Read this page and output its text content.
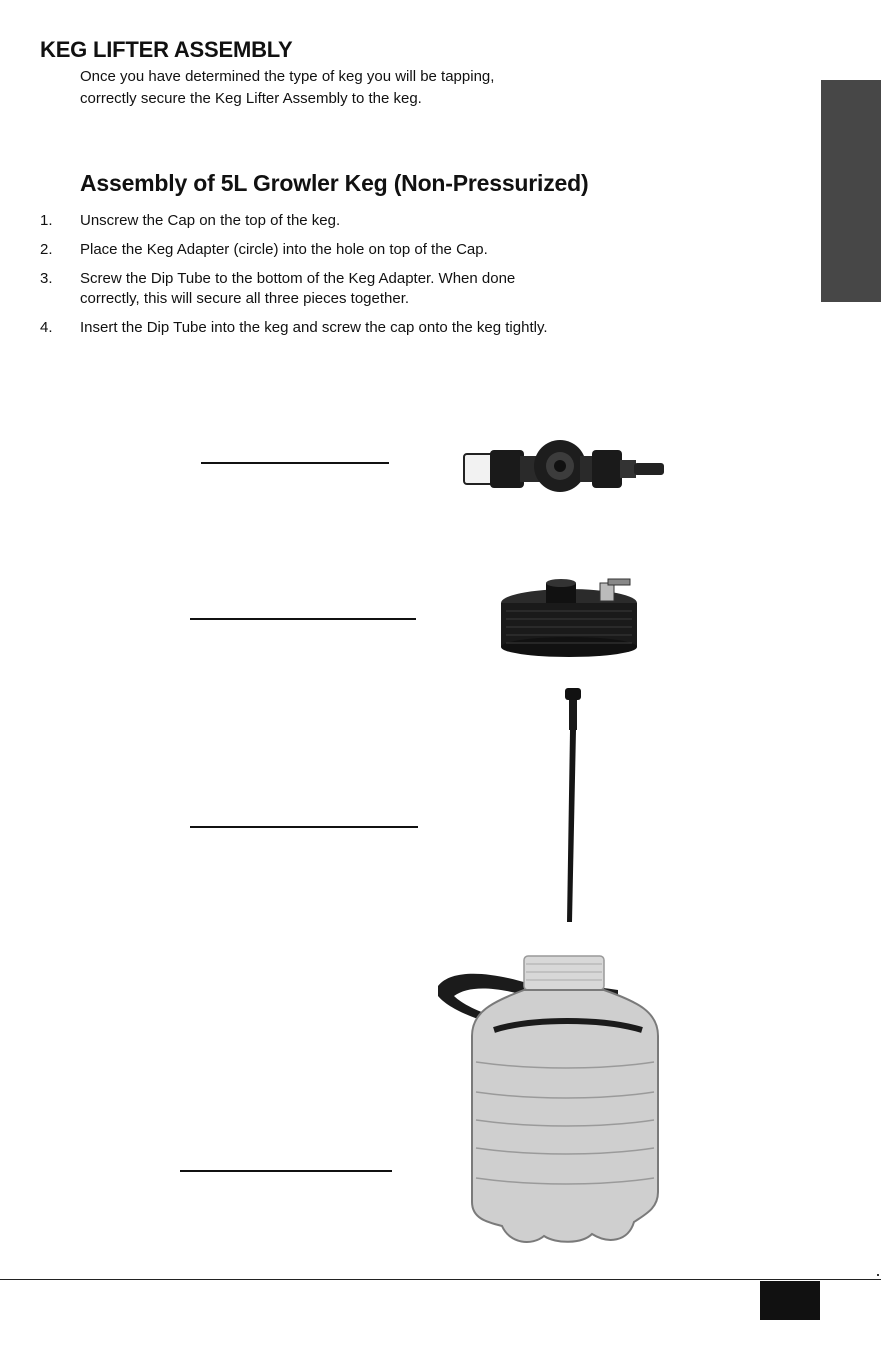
KEG LIFTER ASSEMBLY
Once you have determined the type of keg you will be tapping,
correctly secure the Keg Lifter Assembly to the keg.
Assembly of 5L Growler Keg (Non-Pressurized)
1. Unscrew the Cap on the top of the keg.
2. Place the Keg Adapter (circle) into the hole on top of the Cap.
3. Screw the Dip Tube to the bottom of the Keg Adapter. When done
correctly, this will secure all three pieces together.
4. Insert the Dip Tube into the keg and screw the cap onto the keg tightly.
